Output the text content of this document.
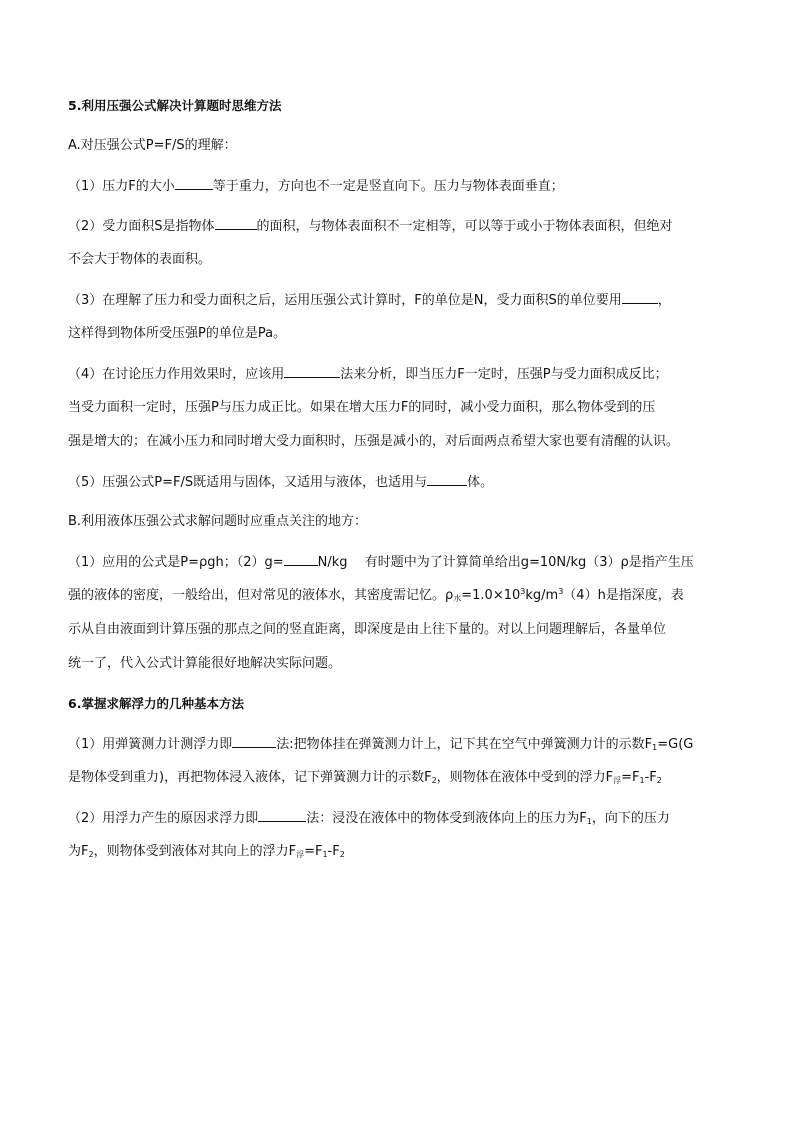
5.利用压强公式解决计算题时思维方法
A.对压强公式P=F/S的理解：
（1）压力F的大小	等于重力，方向也不一定是竖直向下。压力与物体表面垂直；
（2）受力面积S是指物体	的面积，与物体表面积不一定相等，可以等于或小于物体表面积，但绝对
不会大于物体的表面积。
（3）在理解了压力和受力面积之后，运用压强公式计算时，F的单位是N，受力面积S的单位要用	，
这样得到物体所受压强P的单位是Pa。
（4）在讨论压力作用效果时，应该用	法来分析，即当压力F一定时，压强P与受力面积成反比；
当受力面积一定时，压强P与压力成正比。如果在增大压力F的同时，减小受力面积，那么物体受到的压
强是增大的；在减小压力和同时增大受力面积时，压强是减小的，对后面两点希望大家也要有清醒的认识。
（5）压强公式P=F/S既适用与固体，又适用与液体，也适用与	体。
B.利用液体压强公式求解问题时应重点关注的地方：
（1）应用的公式是P=ρgh；（2）g=	N/kg　 有时题中为了计算简单给出g=10N/kg（3）ρ是指产生压
强的液体的密度，一般给出，但对常见的液体水，其密度需记忆。$\rho_水=1.0\times 10^3kg/m^3(4)h$是指深度，表
示从自由液面到计算压强的那点之间的竖直距离，即深度是由上往下量的。对以上问题理解后，各量单位
统一了，代入公式计算能很好地解决实际问题。
6.掌握求解浮力的几种基本方法
（1）用弹簧测力计测浮力即	法:把物体挂在弹簧测力计上，记下其在空气中弹簧测力计的示数$F_1=G(G$
是物体受到重力)，再把物体浸入液体，记下弹簧测力计的示数$F_2$，则物体在液体中受到的浮力$F_浮=F_1-F_2$
（2）用浮力产生的原因求浮力即	法：浸没在液体中的物体受到液体向上的压力为$F_1$，向下的压力
为$F_2$，则物体受到液体对其向上的浮力$F_浮=F_1-F_2$
